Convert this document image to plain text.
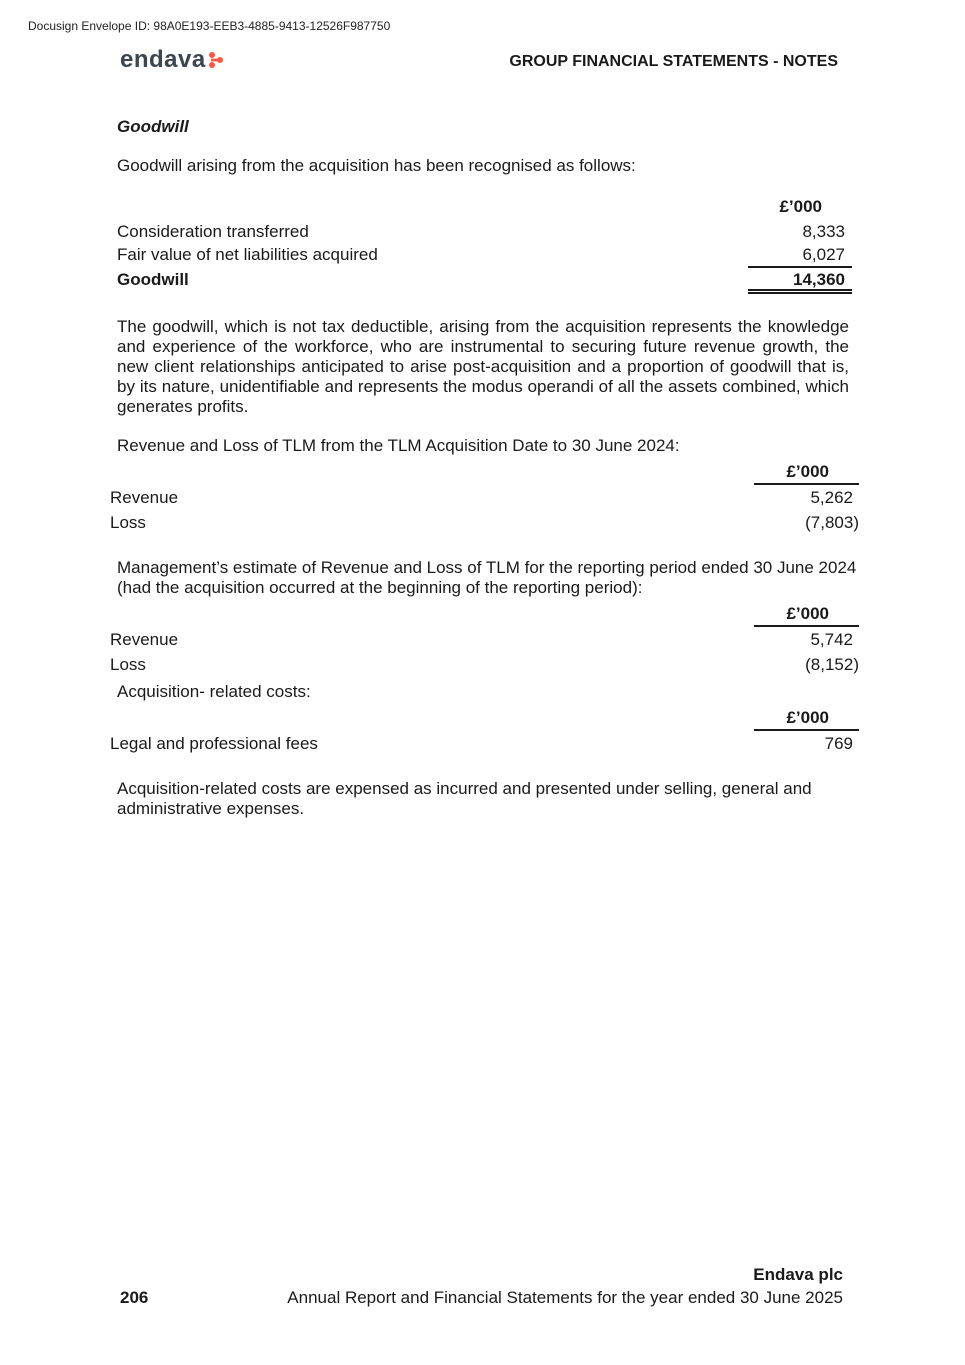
Docusign Envelope ID: 98A0E193-EEB3-4885-9413-12526F987750
endava	GROUP FINANCIAL STATEMENTS - NOTES
Goodwill
Goodwill arising from the acquisition has been recognised as follows:
£’000
Consideration transferred	8,333
Fair value of net liabilities acquired	6,027
Goodwill	14,360
The goodwill, which is not tax deductible, arising from the acquisition represents the knowledge and experience of the workforce, who are instrumental to securing future revenue growth, the new client relationships anticipated to arise post-acquisition and a proportion of goodwill that is, by its nature, unidentifiable and represents the modus operandi of all the assets combined, which generates profits.
Revenue and Loss of TLM from the TLM Acquisition Date to 30 June 2024:
£’000
Revenue	5,262
Loss	(7,803)
Management’s estimate of Revenue and Loss of TLM for the reporting period ended 30 June 2024 (had the acquisition occurred at the beginning of the reporting period):
£’000
Revenue	5,742
Loss	(8,152)
Acquisition- related costs:
£’000
Legal and professional fees	769
Acquisition-related costs are expensed as incurred and presented under selling, general and administrative expenses.
Endava plc
206	Annual Report and Financial Statements for the year ended 30 June 2025
